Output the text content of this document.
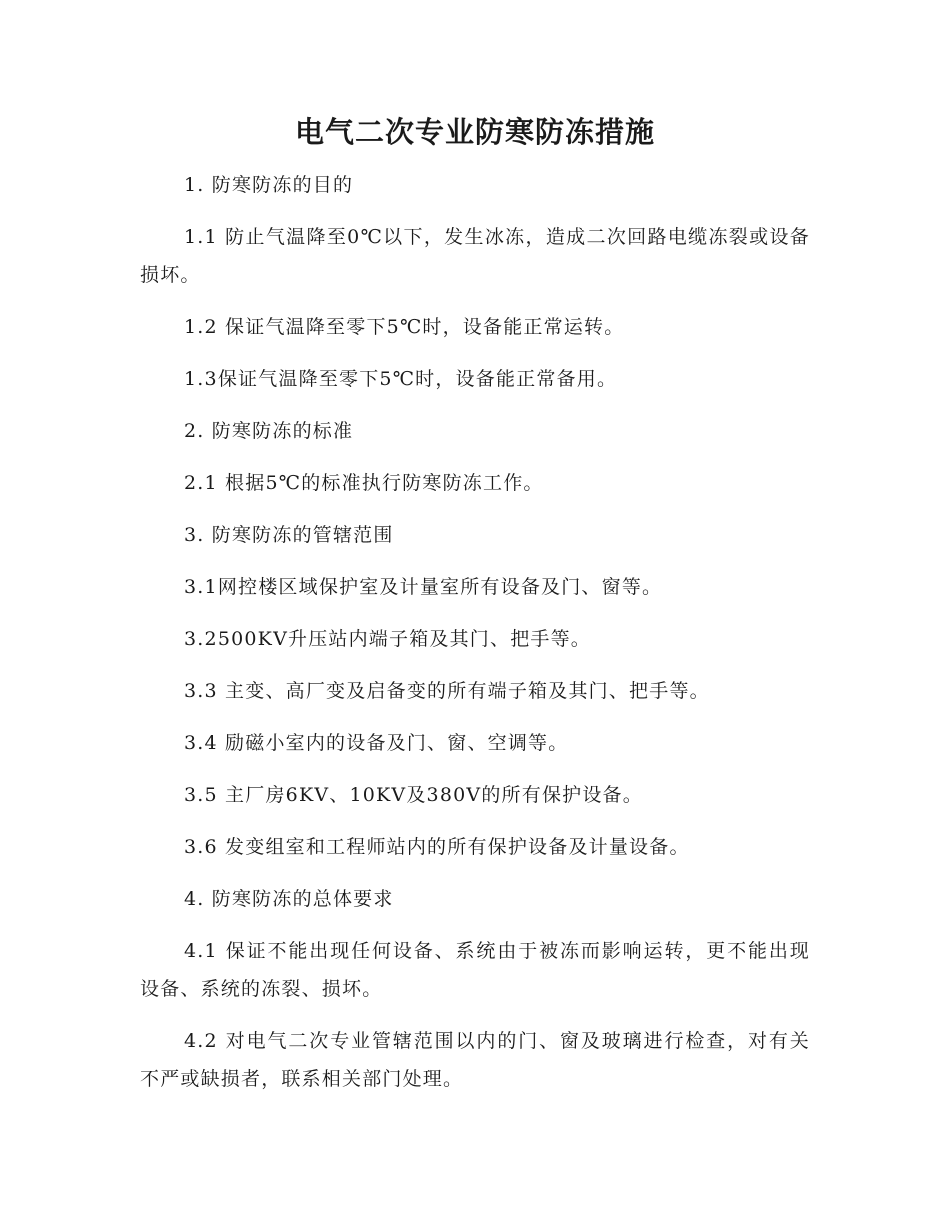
电气二次专业防寒防冻措施

1. 防寒防冻的目的

1.1 防止气温降至0℃以下，发生冰冻，造成二次回路电缆冻裂或设备损坏。

1.2 保证气温降至零下5℃时，设备能正常运转。

1.3保证气温降至零下5℃时，设备能正常备用。

2. 防寒防冻的标准

2.1 根据5℃的标准执行防寒防冻工作。

3. 防寒防冻的管辖范围

3.1网控楼区域保护室及计量室所有设备及门、窗等。

3.2500KV升压站内端子箱及其门、把手等。

3.3 主变、高厂变及启备变的所有端子箱及其门、把手等。

3.4 励磁小室内的设备及门、窗、空调等。

3.5 主厂房6KV、10KV及380V的所有保护设备。

3.6 发变组室和工程师站内的所有保护设备及计量设备。

4. 防寒防冻的总体要求

4.1 保证不能出现任何设备、系统由于被冻而影响运转，更不能出现设备、系统的冻裂、损坏。

4.2 对电气二次专业管辖范围以内的门、窗及玻璃进行检查，对有关不严或缺损者，联系相关部门处理。
